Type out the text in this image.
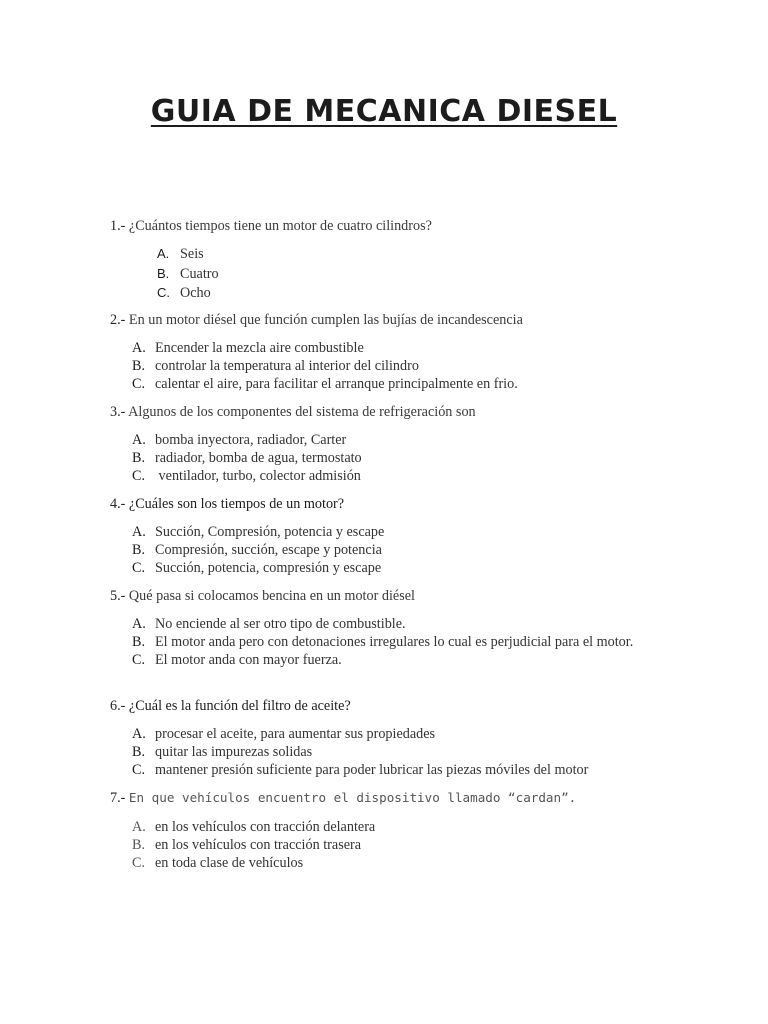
GUIA DE MECANICA DIESEL
1.- ¿Cuántos tiempos tiene un motor de cuatro cilindros?
A. Seis
B. Cuatro
C. Ocho
2.- En un motor diésel que función cumplen las bujías de incandescencia
A. Encender la mezcla aire combustible
B. controlar la temperatura al interior del cilindro
C. calentar el aire, para facilitar el arranque principalmente en frio.
3.- Algunos de los componentes del sistema de refrigeración son
A. bomba inyectora, radiador, Carter
B. radiador, bomba de agua, termostato
C. ventilador, turbo, colector admisión
4.- ¿Cuáles son los tiempos de un motor?
A. Succión, Compresión, potencia y escape
B. Compresión, succión, escape y potencia
C. Succión, potencia, compresión y escape
5.- Qué pasa si colocamos bencina en un motor diésel
A. No enciende al ser otro tipo de combustible.
B. El motor anda pero con detonaciones irregulares lo cual es perjudicial para el motor.
C. El motor anda con mayor fuerza.
6.- ¿Cuál es la función del filtro de aceite?
A. procesar el aceite, para aumentar sus propiedades
B. quitar las impurezas solidas
C. mantener presión suficiente para poder lubricar las piezas móviles del motor
7.- En que vehículos encuentro el dispositivo llamado “cardan”.
A. en los vehículos con tracción delantera
B. en los vehículos con tracción trasera
C. en toda clase de vehículos
